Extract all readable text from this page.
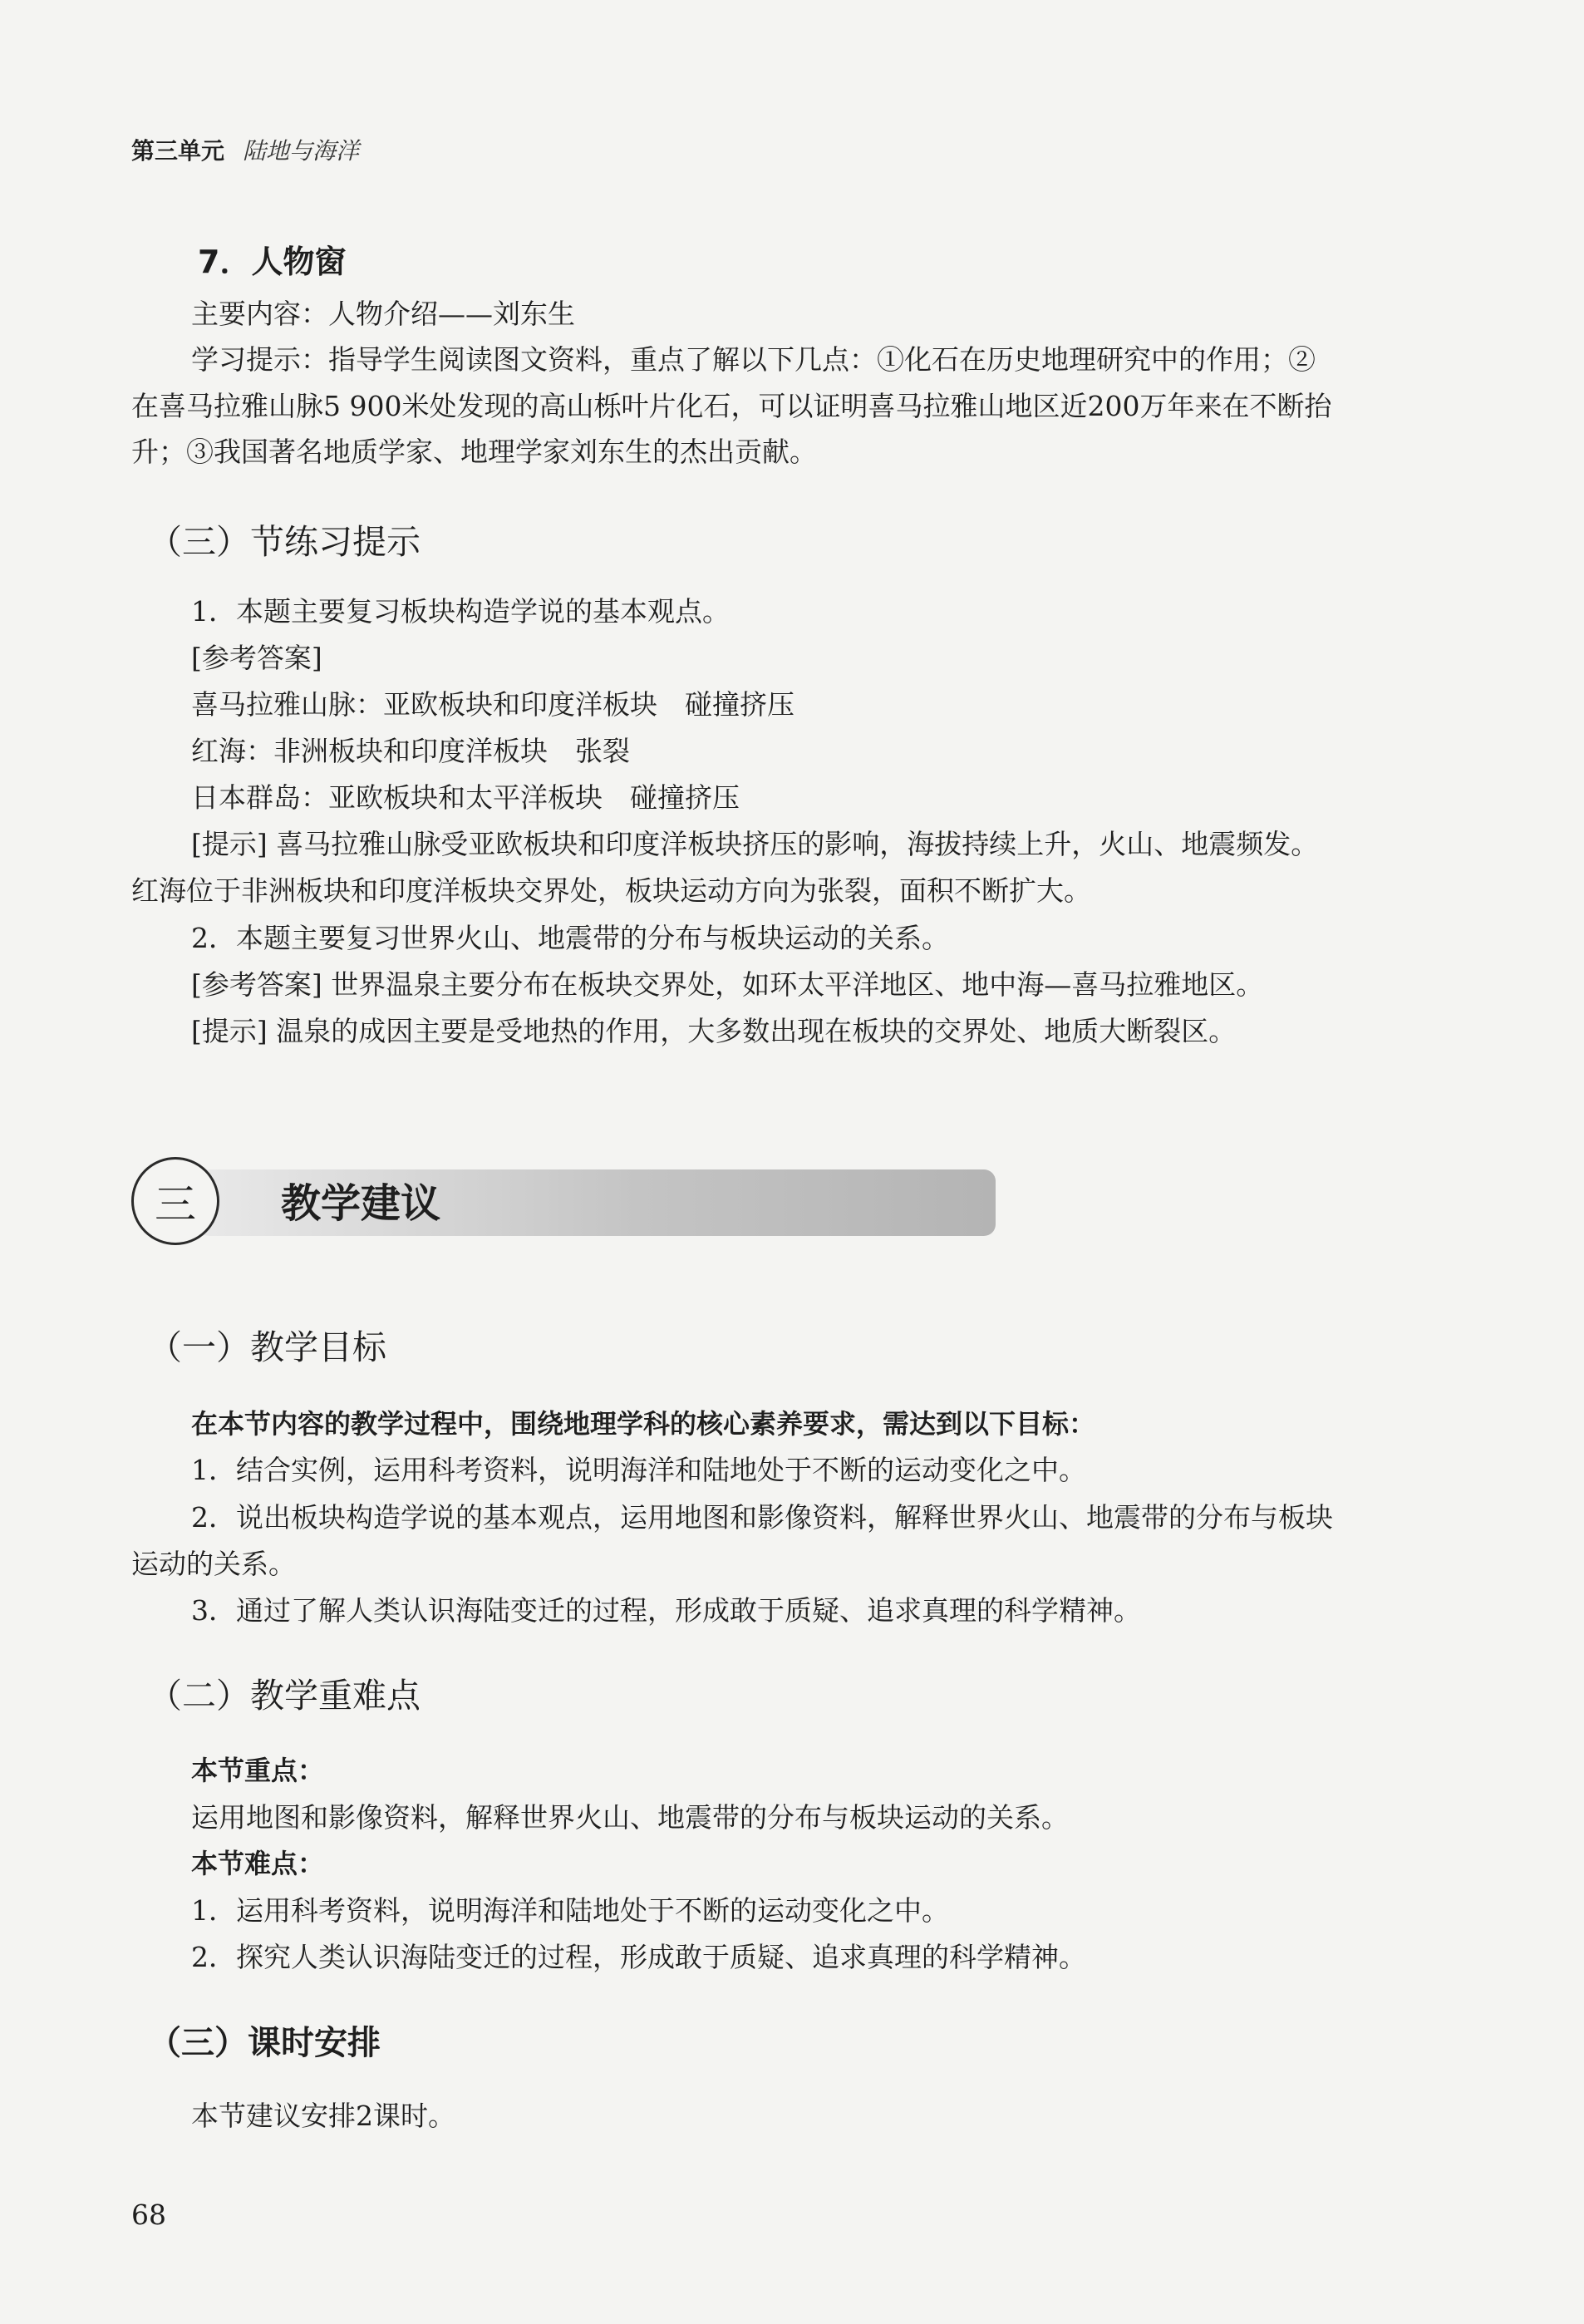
第三单元 陆地与海洋
7．人物窗
主要内容：人物介绍——刘东生
学习提示：指导学生阅读图文资料，重点了解以下几点：①化石在历史地理研究中的作用；②
在喜马拉雅山脉5 900米处发现的高山栎叶片化石，可以证明喜马拉雅山地区近200万年来在不断抬
升；③我国著名地质学家、地理学家刘东生的杰出贡献。
（三）节练习提示
1．本题主要复习板块构造学说的基本观点。
[参考答案]
喜马拉雅山脉：亚欧板块和印度洋板块　碰撞挤压
红海：非洲板块和印度洋板块　张裂
日本群岛：亚欧板块和太平洋板块　碰撞挤压
[提示] 喜马拉雅山脉受亚欧板块和印度洋板块挤压的影响，海拔持续上升，火山、地震频发。
红海位于非洲板块和印度洋板块交界处，板块运动方向为张裂，面积不断扩大。
2．本题主要复习世界火山、地震带的分布与板块运动的关系。
[参考答案] 世界温泉主要分布在板块交界处，如环太平洋地区、地中海—喜马拉雅地区。
[提示] 温泉的成因主要是受地热的作用，大多数出现在板块的交界处、地质大断裂区。
三	教学建议
（一）教学目标
在本节内容的教学过程中，围绕地理学科的核心素养要求，需达到以下目标：
1．结合实例，运用科考资料，说明海洋和陆地处于不断的运动变化之中。
2．说出板块构造学说的基本观点，运用地图和影像资料，解释世界火山、地震带的分布与板块
运动的关系。
3．通过了解人类认识海陆变迁的过程，形成敢于质疑、追求真理的科学精神。
（二）教学重难点
本节重点：
运用地图和影像资料，解释世界火山、地震带的分布与板块运动的关系。
本节难点：
1．运用科考资料，说明海洋和陆地处于不断的运动变化之中。
2．探究人类认识海陆变迁的过程，形成敢于质疑、追求真理的科学精神。
（三）课时安排
本节建议安排2课时。
68
